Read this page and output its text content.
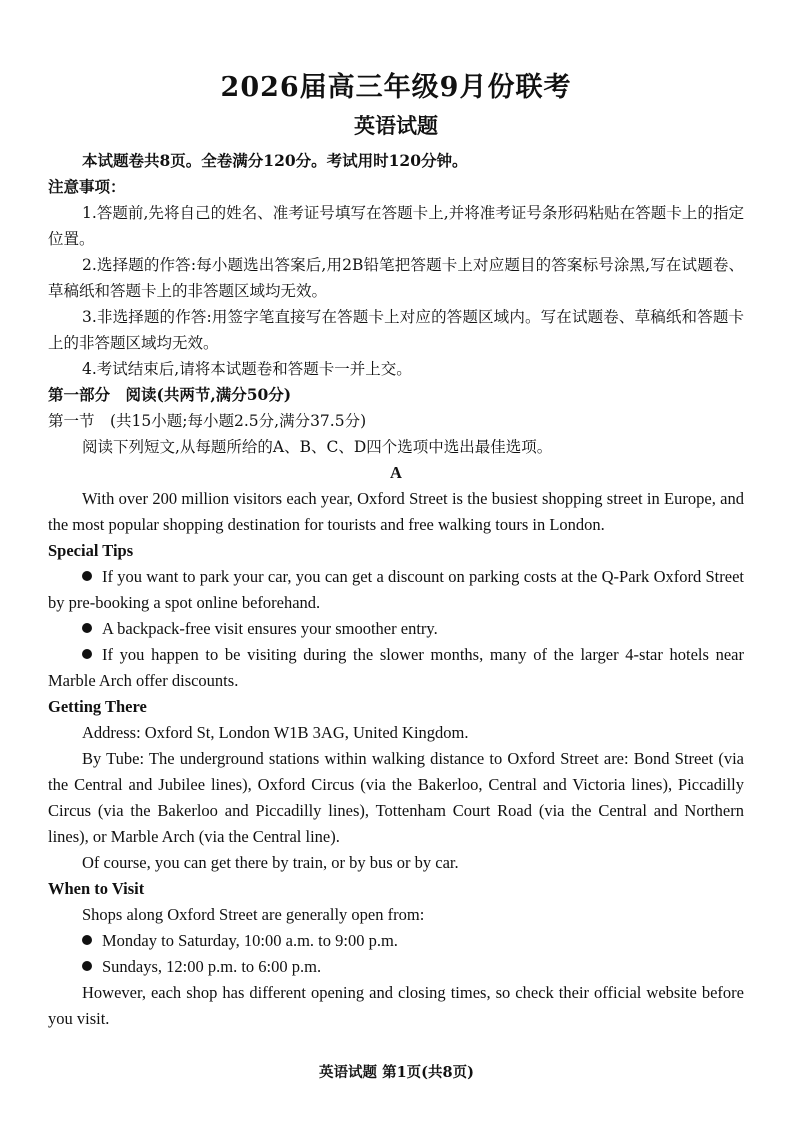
2026届高三年级9月份联考
英语试题

本试题卷共8页。全卷满分120分。考试用时120分钟。

注意事项：

1.答题前,先将自己的姓名、准考证号填写在答题卡上,并将准考证号条形码粘贴在答题卡上的指定位置。

2.选择题的作答:每小题选出答案后,用2B铅笔把答题卡上对应题目的答案标号涂黑,写在试题卷、草稿纸和答题卡上的非答题区域均无效。

3.非选择题的作答:用签字笔直接写在答题卡上对应的答题区域内。写在试题卷、草稿纸和答题卡上的非答题区域均无效。

4.考试结束后,请将本试题卷和答题卡一并上交。

第一部分　阅读(共两节,满分50分)

第一节　(共15小题;每小题2.5分,满分37.5分)

阅读下列短文,从每题所给的A、B、C、D四个选项中选出最佳选项。

A

With over 200 million visitors each year, Oxford Street is the busiest shopping street in Europe, and the most popular shopping destination for tourists and free walking tours in London.

Special Tips

If you want to park your car, you can get a discount on parking costs at the Q-Park Oxford Street by pre-booking a spot online beforehand.

A backpack-free visit ensures your smoother entry.

If you happen to be visiting during the slower months, many of the larger 4-star hotels near Marble Arch offer discounts.

Getting There

Address: Oxford St, London W1B 3AG, United Kingdom.

By Tube: The underground stations within walking distance to Oxford Street are: Bond Street (via the Central and Jubilee lines), Oxford Circus (via the Bakerloo, Central and Victoria lines), Piccadilly Circus (via the Bakerloo and Piccadilly lines), Tottenham Court Road (via the Central and Northern lines), or Marble Arch (via the Central line).

Of course, you can get there by train, or by bus or by car.

When to Visit

Shops along Oxford Street are generally open from:

Monday to Saturday, 10:00 a.m. to 9:00 p.m.

Sundays, 12:00 p.m. to 6:00 p.m.

However, each shop has different opening and closing times, so check their official website before you visit.

英语试题 第1页(共8页)
